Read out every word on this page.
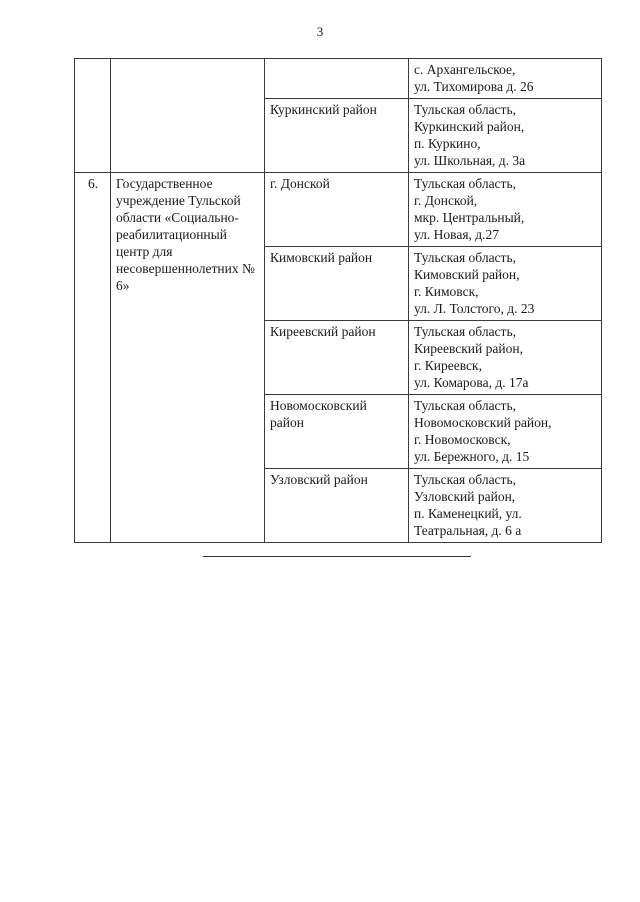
3

			с. Архангельское,
ул. Тихомирова д. 26

		Куркинский район	Тульская область,
Куркинский район,
п. Куркино,
ул. Школьная, д. 3а

6.	Государственное учреждение Тульской области «Социально-реабилитационный центр для несовершеннолетних № 6»	г. Донской	Тульская область,
г. Донской,
мкр. Центральный,
ул. Новая, д.27

		Кимовский район	Тульская область,
Кимовский район,
г. Кимовск,
ул. Л. Толстого, д. 23

		Киреевский район	Тульская область,
Киреевский район,
г. Киреевск,
ул. Комарова, д. 17а

		Новомосковский район	Тульская область,
Новомосковский район,
г. Новомосковск,
ул. Бережного, д. 15

		Узловский район	Тульская область,
Узловский район,
п. Каменецкий, ул.
Театральная, д. 6 а
